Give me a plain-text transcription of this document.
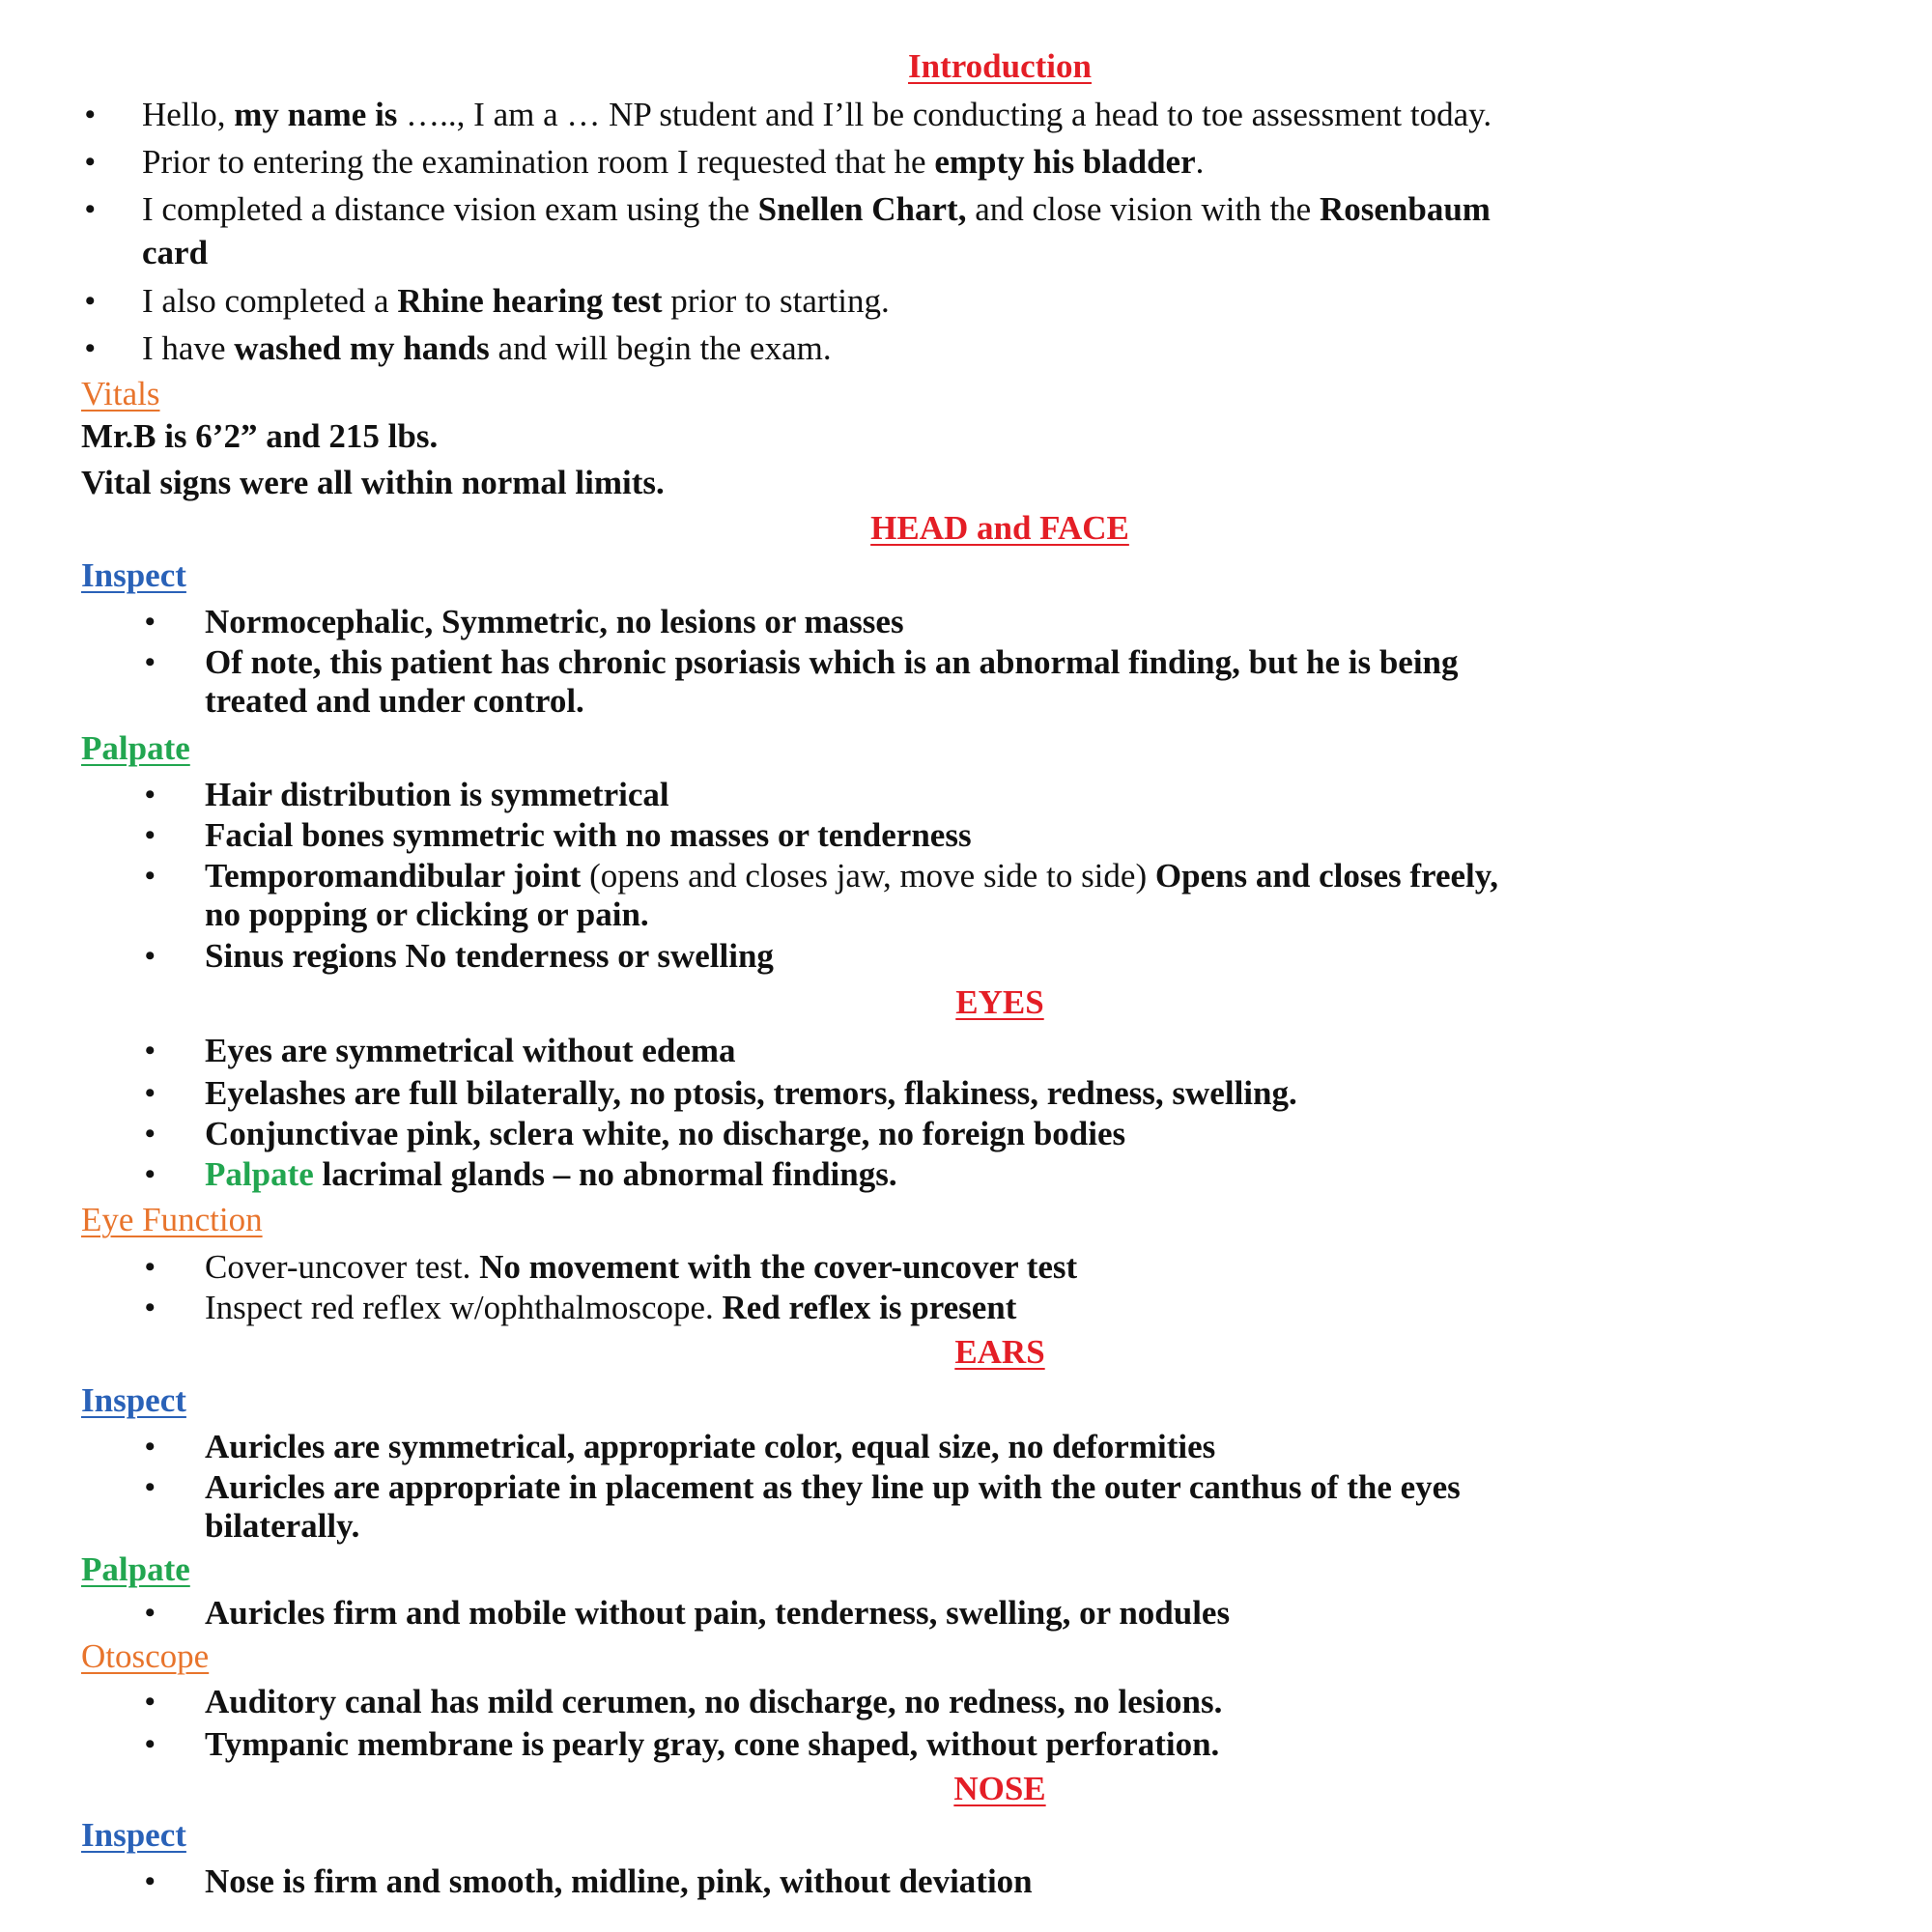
Introduction
• Hello, my name is ….., I am a … NP student and I’ll be conducting a head to toe assessment today.
• Prior to entering the examination room I requested that he empty his bladder.
• I completed a distance vision exam using the Snellen Chart, and close vision with the Rosenbaum
card
• I also completed a Rhine hearing test prior to starting.
• I have washed my hands and will begin the exam.
Vitals
Mr.B is 6’2” and 215 lbs.
Vital signs were all within normal limits.
HEAD and FACE
Inspect
• Normocephalic, Symmetric, no lesions or masses
• Of note, this patient has chronic psoriasis which is an abnormal finding, but he is being
treated and under control.
Palpate
• Hair distribution is symmetrical
• Facial bones symmetric with no masses or tenderness
• Temporomandibular joint (opens and closes jaw, move side to side) Opens and closes freely,
no popping or clicking or pain.
• Sinus regions No tenderness or swelling
EYES
• Eyes are symmetrical without edema
• Eyelashes are full bilaterally, no ptosis, tremors, flakiness, redness, swelling.
• Conjunctivae pink, sclera white, no discharge, no foreign bodies
• Palpate lacrimal glands – no abnormal findings.
Eye Function
• Cover-uncover test. No movement with the cover-uncover test
• Inspect red reflex w/ophthalmoscope. Red reflex is present
EARS
Inspect
• Auricles are symmetrical, appropriate color, equal size, no deformities
• Auricles are appropriate in placement as they line up with the outer canthus of the eyes
bilaterally.
Palpate
• Auricles firm and mobile without pain, tenderness, swelling, or nodules
Otoscope
• Auditory canal has mild cerumen, no discharge, no redness, no lesions.
• Tympanic membrane is pearly gray, cone shaped, without perforation.
NOSE
Inspect
• Nose is firm and smooth, midline, pink, without deviation
